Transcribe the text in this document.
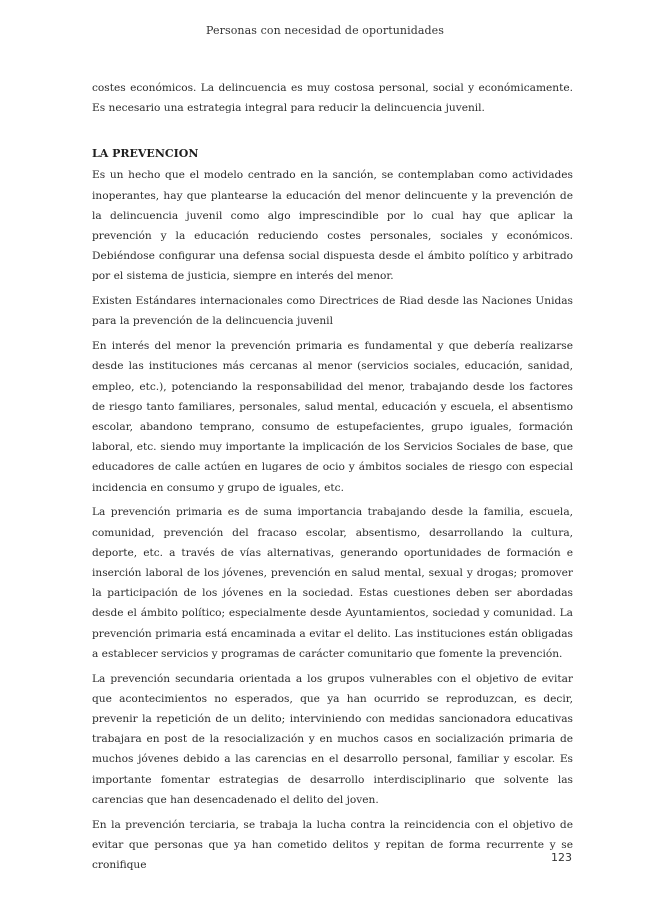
Personas con necesidad de oportunidades

costes económicos. La delincuencia es muy costosa personal, social y económicamente. Es necesario una estrategia integral para reducir la delincuencia juvenil.

LA PREVENCION

Es un hecho que el modelo centrado en la sanción, se contemplaban como actividades inoperantes, hay que plantearse la educación del menor delincuente y la prevención de la delincuencia juvenil como algo imprescindible por lo cual hay que aplicar la prevención y la educación reduciendo costes personales, sociales y económicos. Debiéndose configurar una defensa social dispuesta desde el ámbito político y arbitrado por el sistema de justicia, siempre en interés del menor.

Existen Estándares internacionales como Directrices de Riad desde las Naciones Unidas para la prevención de la delincuencia juvenil

En interés del menor la prevención primaria es fundamental y que debería realizarse desde las instituciones más cercanas al menor (servicios sociales, educación, sanidad, empleo, etc.), potenciando la responsabilidad del menor, trabajando desde los factores de riesgo tanto familiares, personales, salud mental, educación y escuela, el absentismo escolar, abandono temprano, consumo de estupefacientes, grupo iguales, formación laboral, etc. siendo muy importante la implicación de los Servicios Sociales de base, que educadores de calle actúen en lugares de ocio y ámbitos sociales de riesgo con especial incidencia en consumo y grupo de iguales, etc.

La prevención primaria es de suma importancia trabajando desde la familia, escuela, comunidad, prevención del fracaso escolar, absentismo, desarrollando la cultura, deporte, etc. a través de vías alternativas, generando oportunidades de formación e inserción laboral de los jóvenes, prevención en salud mental, sexual y drogas; promover la participación de los jóvenes en la sociedad. Estas cuestiones deben ser abordadas desde el ámbito político; especialmente desde Ayuntamientos, sociedad y comunidad. La prevención primaria está encaminada a evitar el delito. Las instituciones están obligadas a establecer servicios y programas de carácter comunitario que fomente la prevención.

La prevención secundaria orientada a los grupos vulnerables con el objetivo de evitar que acontecimientos no esperados, que ya han ocurrido se reproduzcan, es decir, prevenir la repetición de un delito; interviniendo con medidas sancionadora educativas trabajara en post de la resocialización y en muchos casos en socialización primaria de muchos jóvenes debido a las carencias en el desarrollo personal, familiar y escolar. Es importante fomentar estrategias de desarrollo interdisciplinario que solvente las carencias que han desencadenado el delito del joven.

En la prevención terciaria, se trabaja la lucha contra la reincidencia con el objetivo de evitar que personas que ya han cometido delitos y repitan de forma recurrente y se cronifique

123
